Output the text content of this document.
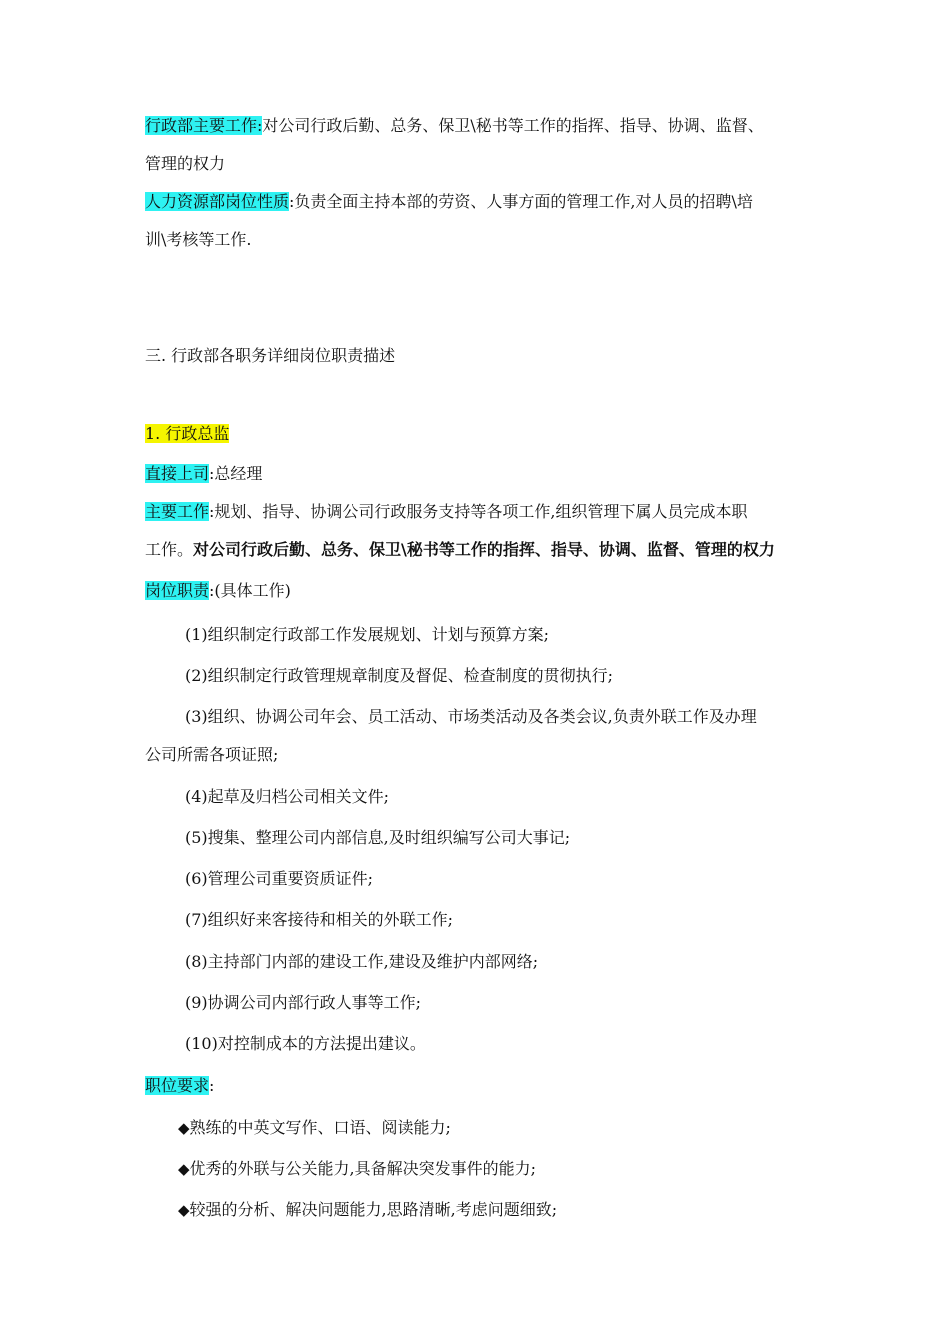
行政部主要工作:对公司行政后勤、总务、保卫\秘书等工作的指挥、指导、协调、监督、
管理的权力
人力资源部岗位性质:负责全面主持本部的劳资、人事方面的管理工作,对人员的招聘\培
训\考核等工作.
三. 行政部各职务详细岗位职责描述
1. 行政总监
直接上司:总经理
主要工作:规划、指导、协调公司行政服务支持等各项工作,组织管理下属人员完成本职
工作。对公司行政后勤、总务、保卫\秘书等工作的指挥、指导、协调、监督、管理的权力
岗位职责:(具体工作)
(1)组织制定行政部工作发展规划、计划与预算方案;
(2)组织制定行政管理规章制度及督促、检查制度的贯彻执行;
(3)组织、协调公司年会、员工活动、市场类活动及各类会议,负责外联工作及办理
公司所需各项证照;
(4)起草及归档公司相关文件;
(5)搜集、整理公司内部信息,及时组织编写公司大事记;
(6)管理公司重要资质证件;
(7)组织好来客接待和相关的外联工作;
(8)主持部门内部的建设工作,建设及维护内部网络;
(9)协调公司内部行政人事等工作;
(10)对控制成本的方法提出建议。
职位要求:
◆熟练的中英文写作、口语、阅读能力;
◆优秀的外联与公关能力,具备解决突发事件的能力;
◆较强的分析、解决问题能力,思路清晰,考虑问题细致;
